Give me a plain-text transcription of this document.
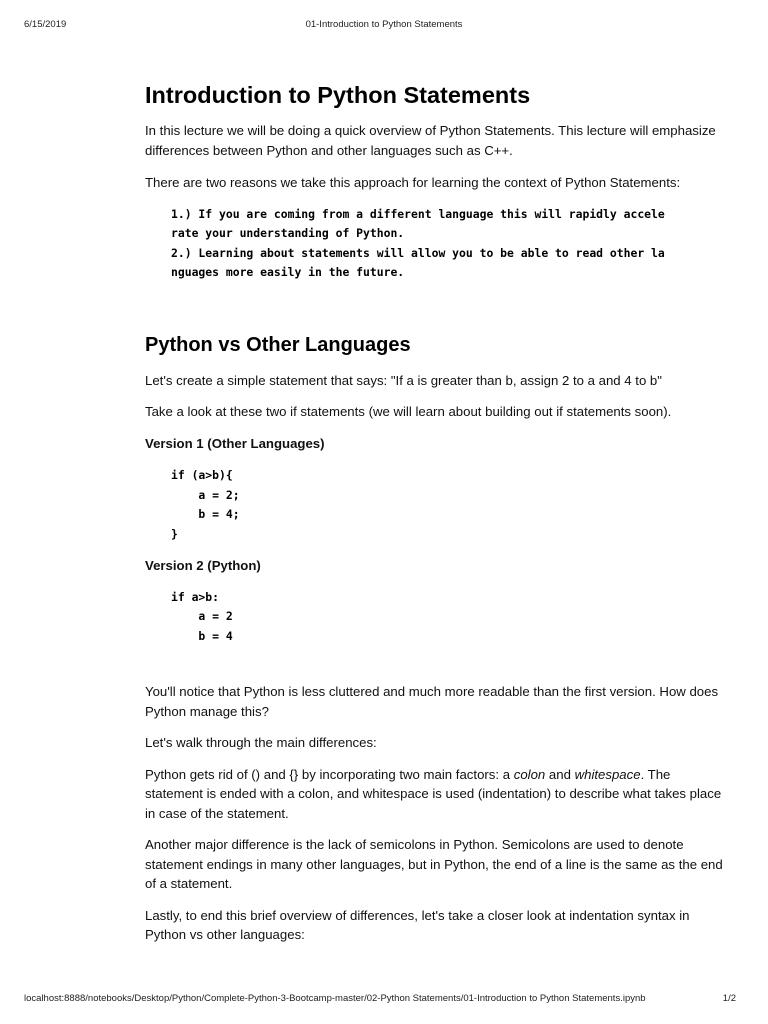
6/15/2019	01-Introduction to Python Statements
Introduction to Python Statements

In this lecture we will be doing a quick overview of Python Statements. This lecture will emphasize differences between Python and other languages such as C++.

There are two reasons we take this approach for learning the context of Python Statements:

1.) If you are coming from a different language this will rapidly accele
rate your understanding of Python.
2.) Learning about statements will allow you to be able to read other la
nguages more easily in the future.
Python vs Other Languages

Let's create a simple statement that says: "If a is greater than b, assign 2 to a and 4 to b"

Take a look at these two if statements (we will learn about building out if statements soon).

Version 1 (Other Languages)

if (a>b){
a = 2;
b = 4;
}

Version 2 (Python)

if a>b:
a = 2
b = 4

You'll notice that Python is less cluttered and much more readable than the first version. How does Python manage this?

Let's walk through the main differences:

Python gets rid of () and {} by incorporating two main factors: a colon and whitespace. The statement is ended with a colon, and whitespace is used (indentation) to describe what takes place in case of the statement.

Another major difference is the lack of semicolons in Python. Semicolons are used to denote statement endings in many other languages, but in Python, the end of a line is the same as the end of a statement.

Lastly, to end this brief overview of differences, let's take a closer look at indentation syntax in Python vs other languages:

localhost:8888/notebooks/Desktop/Python/Complete-Python-3-Bootcamp-master/02-Python Statements/01-Introduction to Python Statements.ipynb	1/2
